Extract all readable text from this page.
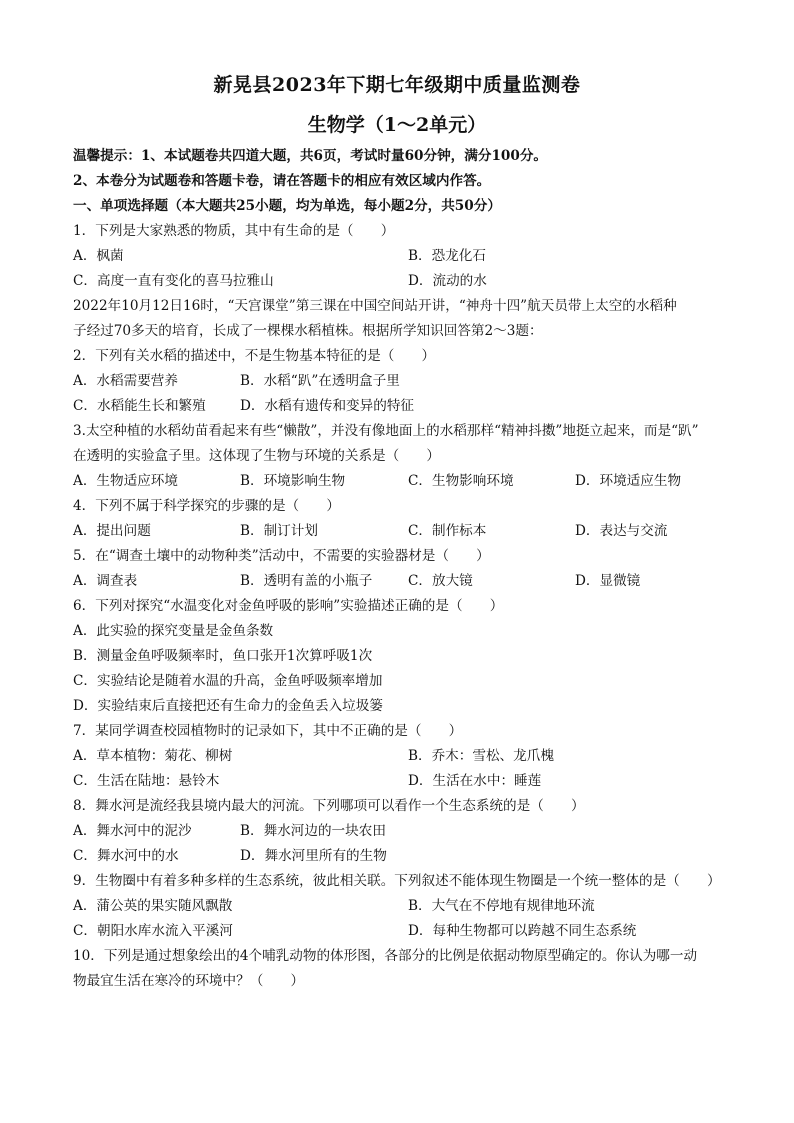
新晃县2023年下期七年级期中质量监测卷
生物学（1～2单元）
温馨提示：1、本试题卷共四道大题，共6页，考试时量60分钟，满分100分。
2、本卷分为试题卷和答题卡卷，请在答题卡的相应有效区域内作答。
一、单项选择题（本大题共25小题，均为单选，每小题2分，共50分）
1．下列是大家熟悉的物质，其中有生命的是（　　）
A．枫菌	B．恐龙化石
C．高度一直有变化的喜马拉雅山	D．流动的水
2022年10月12日16时，“天宫课堂”第三课在中国空间站开讲，“神舟十四”航天员带上太空的水稻种
子经过70多天的培育，长成了一棵棵水稻植株。根据所学知识回答第2～3题：
2．下列有关水稻的描述中，不是生物基本特征的是（　　）
A．水稻需要营养	B．水稻“趴”在透明盒子里
C．水稻能生长和繁殖	D．水稻有遗传和变异的特征
3.太空种植的水稻幼苗看起来有些“懒散”，并没有像地面上的水稻那样“精神抖擞”地挺立起来，而是“趴”
在透明的实验盒子里。这体现了生物与环境的关系是（　　）
A．生物适应环境	B．环境影响生物	C．生物影响环境	D．环境适应生物
4．下列不属于科学探究的步骤的是（　　）
A．提出问题	B．制订计划	C．制作标本	D．表达与交流
5．在“调查土壤中的动物种类”活动中，不需要的实验器材是（　　）
A．调查表	B．透明有盖的小瓶子	C．放大镜	D．显微镜
6．下列对探究“水温变化对金鱼呼吸的影响”实验描述正确的是（　　）
A．此实验的探究变量是金鱼条数
B．测量金鱼呼吸频率时，鱼口张开1次算呼吸1次
C．实验结论是随着水温的升高，金鱼呼吸频率增加
D．实验结束后直接把还有生命力的金鱼丢入垃圾篓
7．某同学调查校园植物时的记录如下，其中不正确的是（　　）
A．草本植物：菊花、柳树	B．乔木：雪松、龙爪槐
C．生活在陆地：悬铃木	D．生活在水中：睡莲
8．舞水河是流经我县境内最大的河流。下列哪项可以看作一个生态系统的是（　　）
A．舞水河中的泥沙	B．舞水河边的一块农田
C．舞水河中的水	D．舞水河里所有的生物
9．生物圈中有着多种多样的生态系统，彼此相关联。下列叙述不能体现生物圈是一个统一整体的是（　　）
A．蒲公英的果实随风飘散	B．大气在不停地有规律地环流
C．朝阳水库水流入平溪河	D．每种生物都可以跨越不同生态系统
10．下列是通过想象绘出的4个哺乳动物的体形图，各部分的比例是依据动物原型确定的。你认为哪一动
物最宜生活在寒冷的环境中？（　　）
